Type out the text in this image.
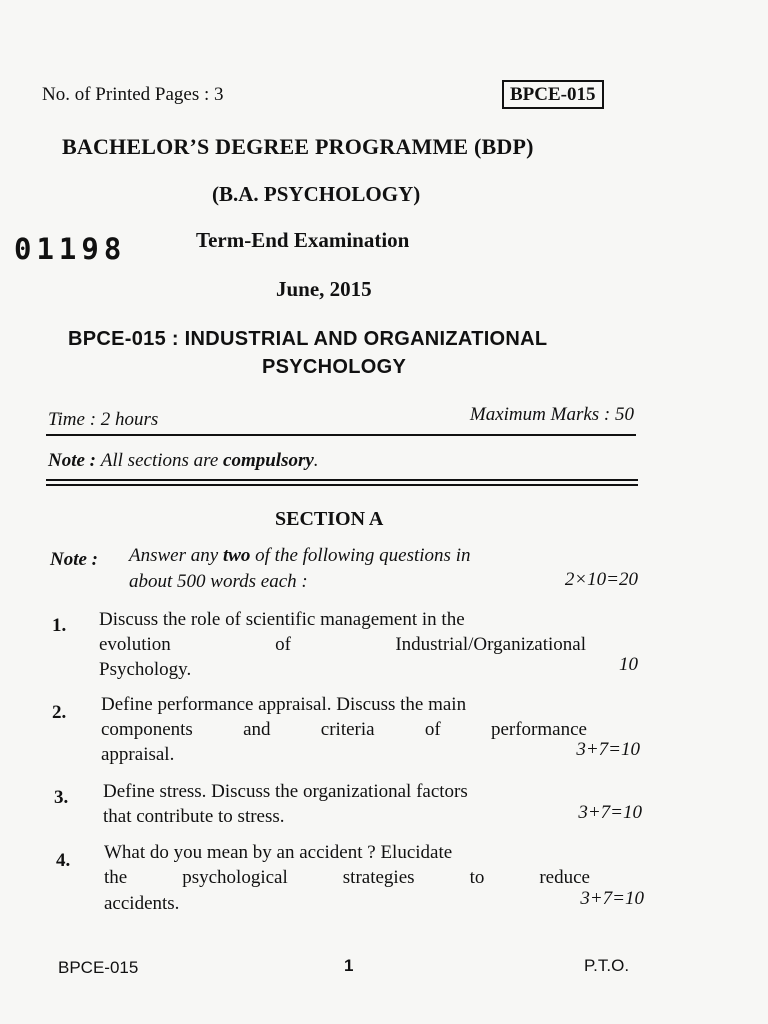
No. of Printed Pages : 3	BPCE-015
BACHELOR’S DEGREE PROGRAMME (BDP)
(B.A. PSYCHOLOGY)
01198	Term-End Examination
June, 2015
BPCE-015 : INDUSTRIAL AND ORGANIZATIONAL
PSYCHOLOGY
Time : 2 hours	Maximum Marks : 50
Note : All sections are compulsory.
SECTION A
Note : Answer any two of the following questions in
about 500 words each :	2×10=20
1. Discuss the role of scientific management in the
evolution	of	Industrial/Organizational
Psychology.	10
2. Define performance appraisal. Discuss the main
components	and	criteria	of	performance
appraisal.	3+7=10
3. Define stress. Discuss the organizational factors
that contribute to stress.	3+7=10
4. What do you mean by an accident ? Elucidate
the	psychological	strategies	to	reduce
accidents.	3+7=10
BPCE-015	1	P.T.O.
